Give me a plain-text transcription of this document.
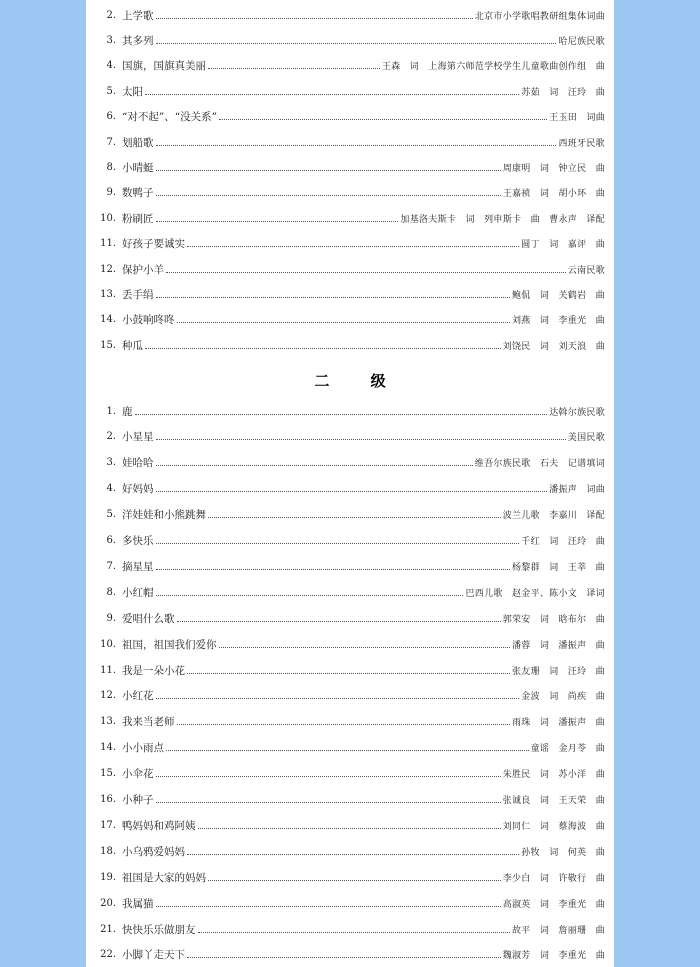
2. 上学歌	北京市小学歌唱教研组集体词曲
3. 其多列	哈尼族民歌
4. 国旗，国旗真美丽	王森　词　上海第六师范学校学生儿童歌曲创作组　曲
5. 太阳	苏茹　词　汪玲　曲
6. “对不起”、“没关系”	王玉田　词曲
7. 划船歌	西班牙民歌
8. 小晴蜓	周康明　词　钟立民　曲
9. 数鸭子	王嘉祯　词　胡小环　曲
10. 粉刷匠	加基洛夫斯卡　词　列申斯卡　曲　曹永声　译配
11. 好孩子要诚实	圆丁　词　嘉评　曲
12. 保护小羊	云南民歌
13. 丢手绢	鲍侃　词　关鹤岩　曲
14. 小鼓响咚咚	刘燕　词　李重光　曲
15. 种瓜	刘饶民　词　刘天浪　曲
二 级
1. 鹿	达斡尔族民歌
2. 小星星	美国民歌
3. 娃哈哈	维吾尔族民歌　石夫　记谱填词
4. 好妈妈	潘振声　词曲
5. 洋娃娃和小熊跳舞	波兰儿歌　李嘉川　译配
6. 多快乐	千红　词　汪玲　曲
7. 摘星星	杨黎群　词　王莘　曲
8. 小红帽	巴西儿歌　赵金平、陈小文　译词
9. 爱唱什么歌	郭荣安　词　晗布尔　曲
10. 祖国，祖国我们爱你	潘蓉　词　潘振声　曲
11. 我是一朵小花	张友珊　词　汪玲　曲
12. 小红花	金波　词　尚疾　曲
13. 我来当老师	雨珠　词　潘振声　曲
14. 小小雨点	童谣　金月苓　曲
15. 小伞花	朱胜民　词　苏小洋　曲
16. 小种子	张诚良　词　王天荣　曲
17. 鸭妈妈和鸡阿姨	刘同仁　词　蔡海波　曲
18. 小乌鸦爱妈妈	孙牧　词　何英　曲
19. 祖国是大家的妈妈	李少白　词　许敬行　曲
20. 我属猫	高淑英　词　李重光　曲
21. 快快乐乐做朋友	故平　词　詹丽珊　曲
22. 小脚丫走天下	魏淑芳　词　李重光　曲
